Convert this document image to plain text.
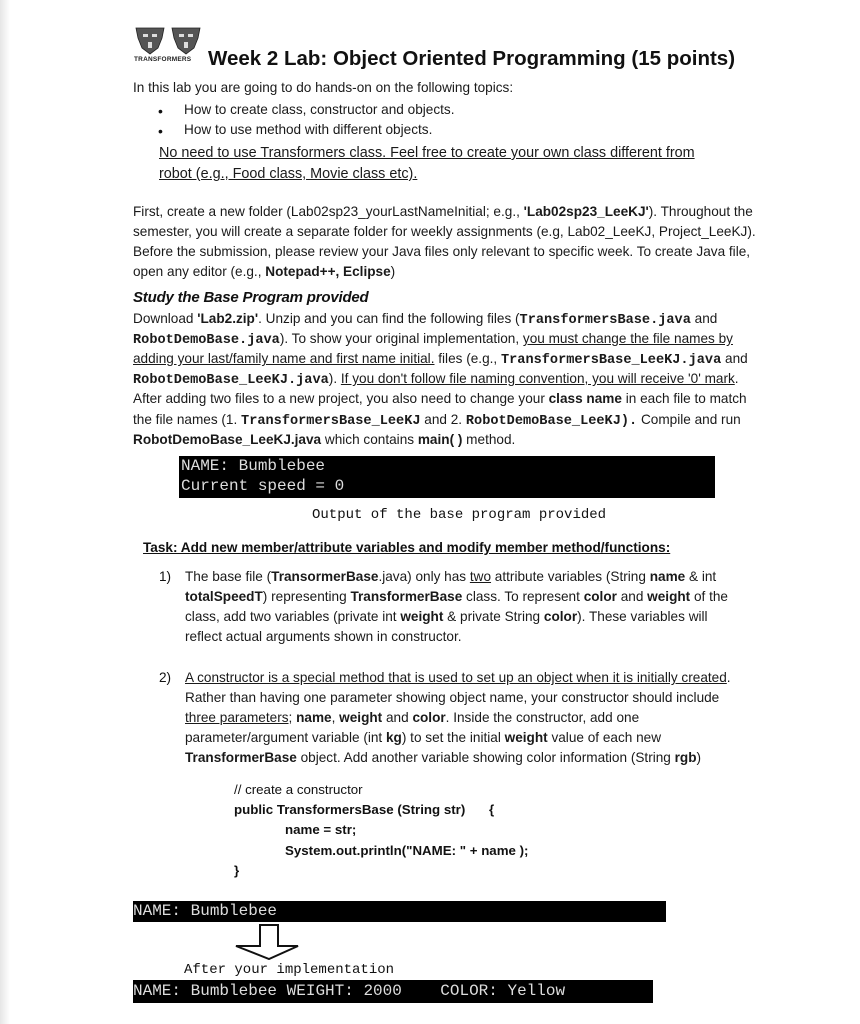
TRANSFORMERS Week 2 Lab: Object Oriented Programming (15 points)
In this lab you are going to do hands-on on the following topics:
• How to create class, constructor and objects.
• How to use method with different objects.
No need to use Transformers class. Feel free to create your own class different from
robot (e.g., Food class, Movie class etc).
First, create a new folder (Lab02sp23_yourLastNameInitial; e.g., 'Lab02sp23_LeeKJ'). Throughout the
semester, you will create a separate folder for weekly assignments (e.g, Lab02_LeeKJ, Project_LeeKJ).
Before the submission, please review your Java files only relevant to specific week. To create Java file,
open any editor (e.g., Notepad++, Eclipse)
Study the Base Program provided
Download 'Lab2.zip'. Unzip and you can find the following files (TransformersBase.java and
RobotDemoBase.java). To show your original implementation, you must change the file names by
adding your last/family name and first name initial. files (e.g., TransformersBase_LeeKJ.java and
RobotDemoBase_LeeKJ.java). If you don't follow file naming convention, you will receive '0' mark.
After adding two files to a new project, you also need to change your class name in each file to match
the file names (1. TransformersBase_LeeKJ and 2. RobotDemoBase_LeeKJ). Compile and run
RobotDemoBase_LeeKJ.java which contains main( ) method.
NAME: Bumblebee
Current speed = 0
Output of the base program provided
Task: Add new member/attribute variables and modify member method/functions:
1) The base file (TransormerBase.java) only has two attribute variables (String name & int
totalSpeedT) representing TransformerBase class. To represent color and weight of the
class, add two variables (private int weight & private String color). These variables will
reflect actual arguments shown in constructor.
2) A constructor is a special method that is used to set up an object when it is initially created.
Rather than having one parameter showing object name, your constructor should include
three parameters; name, weight and color. Inside the constructor, add one
parameter/argument variable (int kg) to set the initial weight value of each new
TransformerBase object. Add another variable showing color information (String rgb)
// create a constructor
public TransformersBase (String str) {
name = str;
System.out.println("NAME: " + name );
}
NAME: Bumblebee
After your implementation
NAME: Bumblebee WEIGHT: 2000 COLOR: Yellow
